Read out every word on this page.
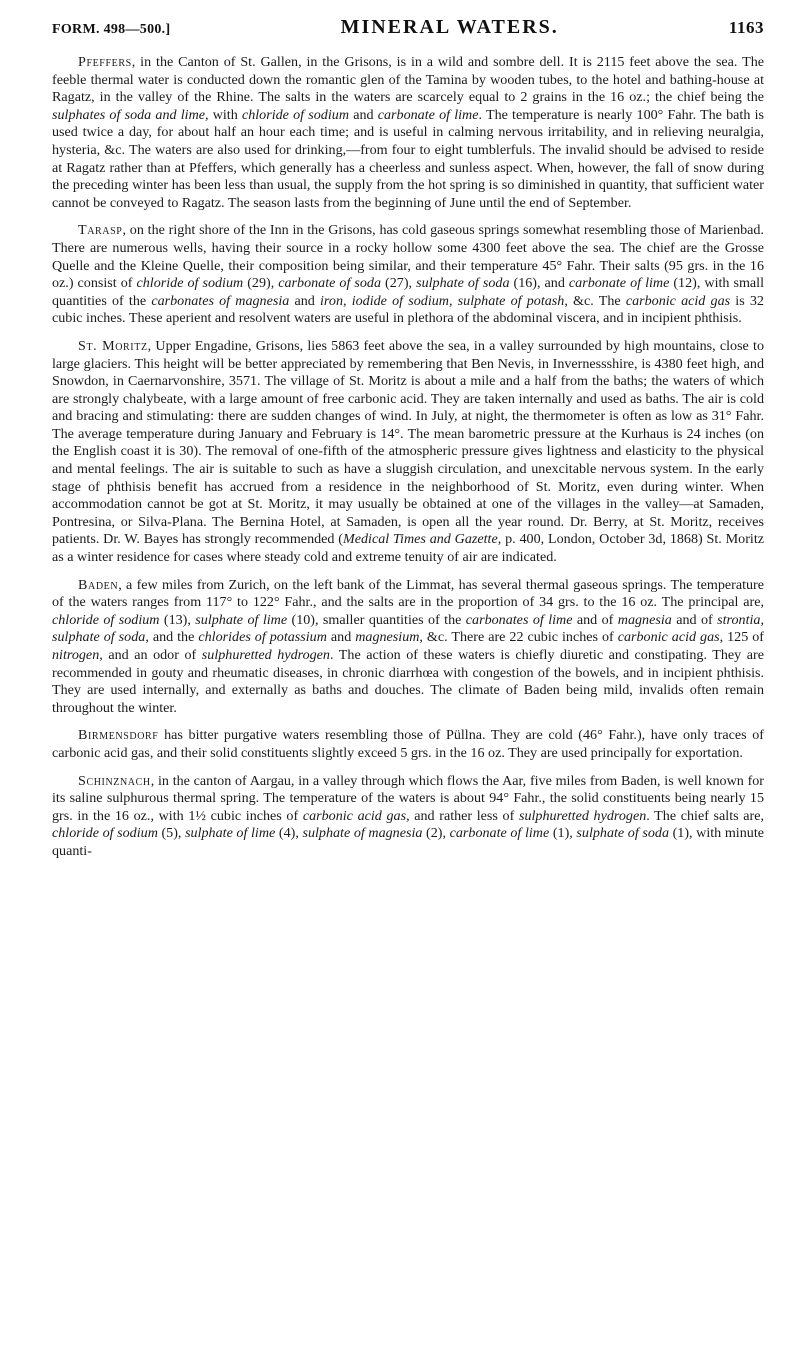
FORM. 498—500.]	MINERAL WATERS.	1163

Pfeffers, in the Canton of St. Gallen, in the Grisons, is in a wild and sombre dell. It is 2115 feet above the sea. The feeble thermal water is conducted down the romantic glen of the Tamina by wooden tubes, to the hotel and bathing-house at Ragatz, in the valley of the Rhine. The salts in the waters are scarcely equal to 2 grains in the 16 oz.; the chief being the sulphates of soda and lime, with chloride of sodium and carbonate of lime. The temperature is nearly 100° Fahr. The bath is used twice a day, for about half an hour each time; and is useful in calming nervous irritability, and in relieving neuralgia, hysteria, &c. The waters are also used for drinking,—from four to eight tumblerfuls. The invalid should be advised to reside at Ragatz rather than at Pfeffers, which generally has a cheerless and sunless aspect. When, however, the fall of snow during the preceding winter has been less than usual, the supply from the hot spring is so diminished in quantity, that sufficient water cannot be conveyed to Ragatz. The season lasts from the beginning of June until the end of September.

Tarasp, on the right shore of the Inn in the Grisons, has cold gaseous springs somewhat resembling those of Marienbad. There are numerous wells, having their source in a rocky hollow some 4300 feet above the sea. The chief are the Grosse Quelle and the Kleine Quelle, their composition being similar, and their temperature 45° Fahr. Their salts (95 grs. in the 16 oz.) consist of chloride of sodium (29), carbonate of soda (27), sulphate of soda (16), and carbonate of lime (12), with small quantities of the carbonates of magnesia and iron, iodide of sodium, sulphate of potash, &c. The carbonic acid gas is 32 cubic inches. These aperient and resolvent waters are useful in plethora of the abdominal viscera, and in incipient phthisis.

St. Moritz, Upper Engadine, Grisons, lies 5863 feet above the sea, in a valley surrounded by high mountains, close to large glaciers. This height will be better appreciated by remembering that Ben Nevis, in Invernessshire, is 4380 feet high, and Snowdon, in Caernarvonshire, 3571. The village of St. Moritz is about a mile and a half from the baths; the waters of which are strongly chalybeate, with a large amount of free carbonic acid. They are taken internally and used as baths. The air is cold and bracing and stimulating: there are sudden changes of wind. In July, at night, the thermometer is often as low as 31° Fahr. The average temperature during January and February is 14°. The mean barometric pressure at the Kurhaus is 24 inches (on the English coast it is 30). The removal of one-fifth of the atmospheric pressure gives lightness and elasticity to the physical and mental feelings. The air is suitable to such as have a sluggish circulation, and unexcitable nervous system. In the early stage of phthisis benefit has accrued from a residence in the neighborhood of St. Moritz, even during winter. When accommodation cannot be got at St. Moritz, it may usually be obtained at one of the villages in the valley—at Samaden, Pontresina, or Silva-Plana. The Bernina Hotel, at Samaden, is open all the year round. Dr. Berry, at St. Moritz, receives patients. Dr. W. Bayes has strongly recommended (Medical Times and Gazette, p. 400, London, October 3d, 1868) St. Moritz as a winter residence for cases where steady cold and extreme tenuity of air are indicated.

Baden, a few miles from Zurich, on the left bank of the Limmat, has several thermal gaseous springs. The temperature of the waters ranges from 117° to 122° Fahr., and the salts are in the proportion of 34 grs. to the 16 oz. The principal are, chloride of sodium (13), sulphate of lime (10), smaller quantities of the carbonates of lime and of magnesia and of strontia, sulphate of soda, and the chlorides of potassium and magnesium, &c. There are 22 cubic inches of carbonic acid gas, 125 of nitrogen, and an odor of sulphuretted hydrogen. The action of these waters is chiefly diuretic and constipating. They are recommended in gouty and rheumatic diseases, in chronic diarrhœa with congestion of the bowels, and in incipient phthisis. They are used internally, and externally as baths and douches. The climate of Baden being mild, invalids often remain throughout the winter.

Birmensdorf has bitter purgative waters resembling those of Püllna. They are cold (46° Fahr.), have only traces of carbonic acid gas, and their solid constituents slightly exceed 5 grs. in the 16 oz. They are used principally for exportation.

Schinznach, in the canton of Aargau, in a valley through which flows the Aar, five miles from Baden, is well known for its saline sulphurous thermal spring. The temperature of the waters is about 94° Fahr., the solid constituents being nearly 15 grs. in the 16 oz., with 1½ cubic inches of carbonic acid gas, and rather less of sulphuretted hydrogen. The chief salts are, chloride of sodium (5), sulphate of lime (4), sulphate of magnesia (2), carbonate of lime (1), sulphate of soda (1), with minute quanti-
